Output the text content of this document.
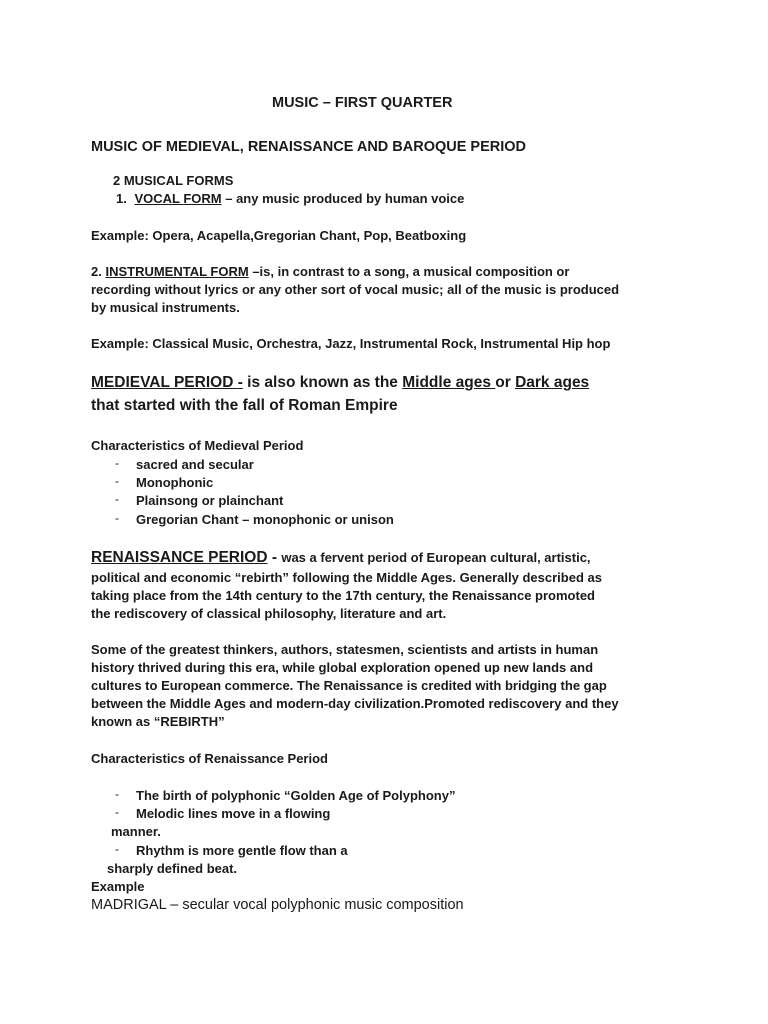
MUSIC – FIRST QUARTER
MUSIC OF MEDIEVAL, RENAISSANCE AND BAROQUE PERIOD
2 MUSICAL FORMS
1. VOCAL FORM – any music produced by human voice
Example: Opera, Acapella,Gregorian Chant, Pop, Beatboxing
2. INSTRUMENTAL FORM –is, in contrast to a song, a musical composition or
recording without lyrics or any other sort of vocal music; all of the music is produced
by musical instruments.
Example: Classical Music, Orchestra, Jazz, Instrumental Rock, Instrumental Hip hop
MEDIEVAL PERIOD - is also known as the Middle ages or Dark ages
that started with the fall of Roman Empire
Characteristics of Medieval Period
- sacred and secular
- Monophonic
- Plainsong or plainchant
- Gregorian Chant – monophonic or unison
RENAISSANCE PERIOD - was a fervent period of European cultural, artistic,
political and economic “rebirth” following the Middle Ages. Generally described as
taking place from the 14th century to the 17th century, the Renaissance promoted
the rediscovery of classical philosophy, literature and art.
Some of the greatest thinkers, authors, statesmen, scientists and artists in human
history thrived during this era, while global exploration opened up new lands and
cultures to European commerce. The Renaissance is credited with bridging the gap
between the Middle Ages and modern-day civilization.Promoted rediscovery and they
known as “REBIRTH”
Characteristics of Renaissance Period
- The birth of polyphonic “Golden Age of Polyphony”
- Melodic lines move in a flowing
manner.
- Rhythm is more gentle flow than a
sharply defined beat.
Example
MADRIGAL – secular vocal polyphonic music composition
